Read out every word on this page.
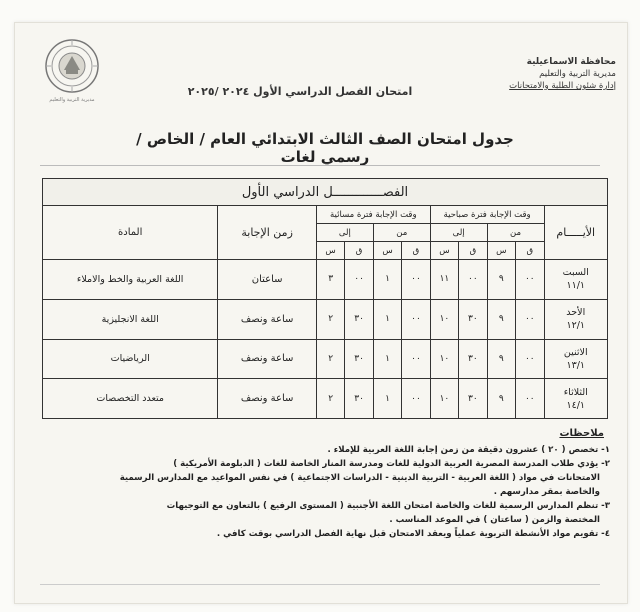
محافظة الاسماعيلية
مديرية التربية والتعليم
إدارة شئون الطلبة والامتحانات
امتحان الفصل الدراسي الأول ٢٠٢٤ /٢٠٢٥
مديرية التربية والتعليم
جدول امتحان الصف الثالث الابتدائي العام / الخاص / رسمي لغات
الفصـــــــــــــل الدراسي الأول										
الأيـــــام	وقت الإجابة فترة صباحية				وقت الإجابة فترة مسائية				زمن الإجابة	المادة
	من		إلى		من		إلى			
	ق	س	ق	س	ق	س	ق	س		

السبت
١١/١	٠٠	٩	٠٠	١١	٠٠	١	٠٠	٣	ساعتان	اللغة العربية والخط والاملاء

الأحد
١٢/١	٠٠	٩	٣٠	١٠	٠٠	١	٣٠	٢	ساعة ونصف	اللغة الانجليزية

الاثنين
١٣/١	٠٠	٩	٣٠	١٠	٠٠	١	٣٠	٢	ساعة ونصف	الرياضيات

الثلاثاء
١٤/١	٠٠	٩	٣٠	١٠	٠٠	١	٣٠	٢	ساعة ونصف	متعدد التخصصات
ملاحظات

١- تخصص ( ٢٠ ) عشرون دقيقة من زمن إجابة اللغة العربية للإملاء .

٢- يؤدي طلاب المدرسة المصرية العربية الدولية للغات ومدرسة المنار الخاصة للغات ( الدبلومة الأمريكية )

الامتحانات في مواد ( اللغة العربية - التربية الدينية - الدراسات الاجتماعية ) في نفس المواعيد مع المدارس الرسمية

والخاصة بمقر مدارسهم .

٣- تنظم المدارس الرسمية للغات والخاصة امتحان اللغة الأجنبية ( المستوى الرفيع ) بالتعاون مع التوجيهات

المختصة والزمن ( ساعتان ) في الموعد المناسب .

٤- تقويم مواد الأنشطة التربوية عملياً ويعقد الامتحان قبل نهاية الفصل الدراسي بوقت كافي .
